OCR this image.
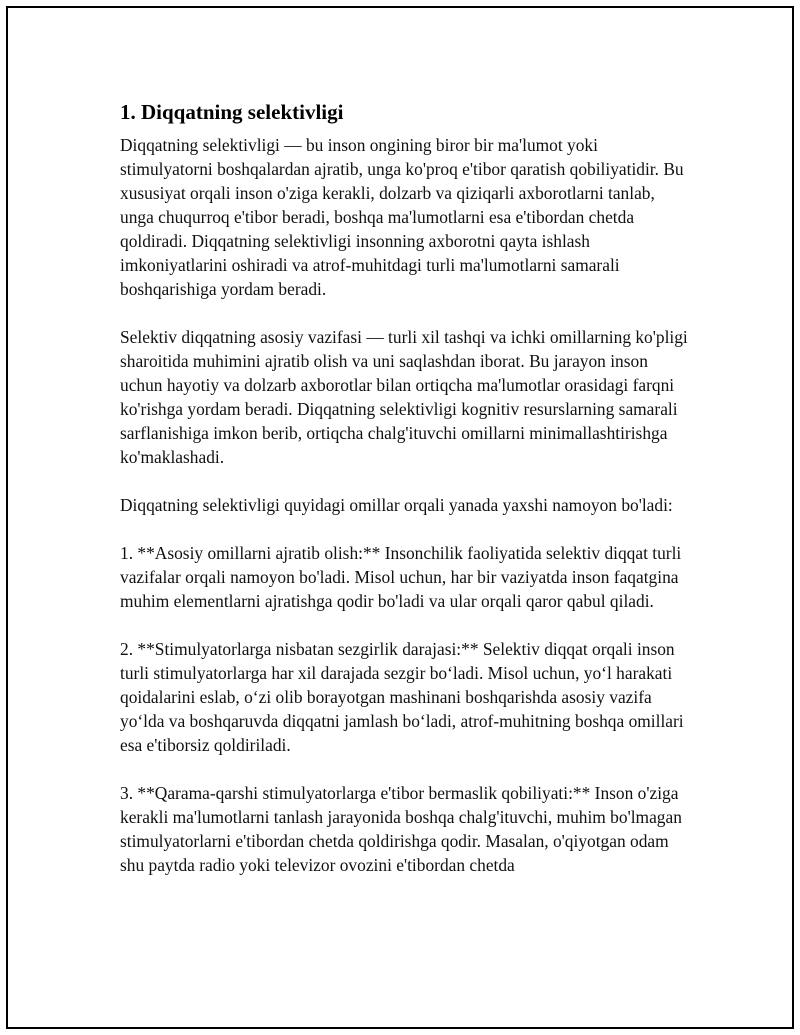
1. Diqqatning selektivligi

Diqqatning selektivligi — bu inson ongining biror bir ma'lumot yoki stimulyatorni boshqalardan ajratib, unga ko'proq e'tibor qaratish qobiliyatidir. Bu xususiyat orqali inson o'ziga kerakli, dolzarb va qiziqarli axborotlarni tanlab, unga chuqurroq e'tibor beradi, boshqa ma'lumotlarni esa e'tibordan chetda qoldiradi. Diqqatning selektivligi insonning axborotni qayta ishlash imkoniyatlarini oshiradi va atrof-muhitdagi turli ma'lumotlarni samarali boshqarishiga yordam beradi.

Selektiv diqqatning asosiy vazifasi — turli xil tashqi va ichki omillarning ko'pligi sharoitida muhimini ajratib olish va uni saqlashdan iborat. Bu jarayon inson uchun hayotiy va dolzarb axborotlar bilan ortiqcha ma'lumotlar orasidagi farqni ko'rishga yordam beradi. Diqqatning selektivligi kognitiv resurslarning samarali sarflanishiga imkon berib, ortiqcha chalg'ituvchi omillarni minimallashtirishga ko'maklashadi.

Diqqatning selektivligi quyidagi omillar orqali yanada yaxshi namoyon bo'ladi:

1. **Asosiy omillarni ajratib olish:** Insonchilik faoliyatida selektiv diqqat turli vazifalar orqali namoyon bo'ladi. Misol uchun, har bir vaziyatda inson faqatgina muhim elementlarni ajratishga qodir bo'ladi va ular orqali qaror qabul qiladi.

2. **Stimulyatorlarga nisbatan sezgirlik darajasi:** Selektiv diqqat orqali inson turli stimulyatorlarga har xil darajada sezgir bo‘ladi. Misol uchun, yo‘l harakati qoidalarini eslab, o‘zi olib borayotgan mashinani boshqarishda asosiy vazifa yo‘lda va boshqaruvda diqqatni jamlash bo‘ladi, atrof-muhitning boshqa omillari esa e'tiborsiz qoldiriladi.

3. **Qarama-qarshi stimulyatorlarga e'tibor bermaslik qobiliyati:** Inson o'ziga kerakli ma'lumotlarni tanlash jarayonida boshqa chalg'ituvchi, muhim bo'lmagan stimulyatorlarni e'tibordan chetda qoldirishga qodir. Masalan, o'qiyotgan odam shu paytda radio yoki televizor ovozini e'tibordan chetda
